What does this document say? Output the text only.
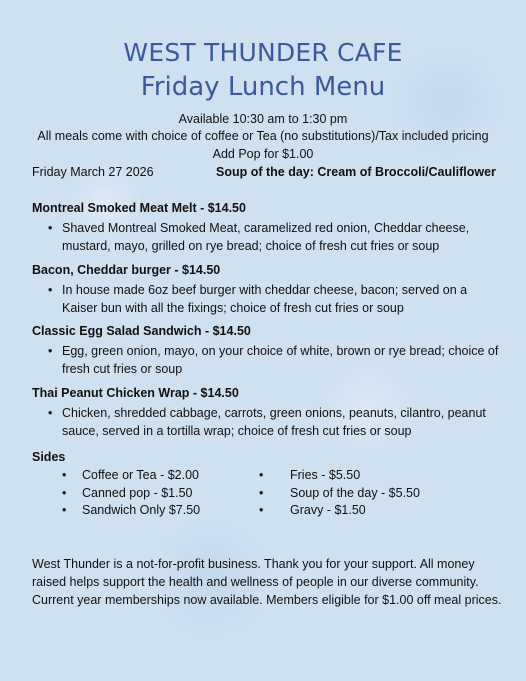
WEST THUNDER CAFE
Friday Lunch Menu
Available 10:30 am to 1:30 pm
All meals come with choice of coffee or Tea (no substitutions)/Tax included pricing
Add Pop for $1.00
Friday March 27 2026	Soup of the day: Cream of Broccoli/Cauliflower

Montreal Smoked Meat Melt - $14.50

• Shaved Montreal Smoked Meat, caramelized red onion, Cheddar cheese, mustard, mayo, grilled on rye bread; choice of fresh cut fries or soup

Bacon, Cheddar burger - $14.50

• In house made 6oz beef burger with cheddar cheese, bacon; served on a Kaiser bun with all the fixings; choice of fresh cut fries or soup

Classic Egg Salad Sandwich - $14.50

• Egg, green onion, mayo, on your choice of white, brown or rye bread; choice of fresh cut fries or soup

Thai Peanut Chicken Wrap - $14.50

• Chicken, shredded cabbage, carrots, green onions, peanuts, cilantro, peanut sauce, served in a tortilla wrap; choice of fresh cut fries or soup

Sides
• Coffee or Tea - $2.00
• Canned pop - $1.50
• Sandwich Only $7.50
• Fries - $5.50
• Soup of the day - $5.50
• Gravy - $1.50
West Thunder is a not-for-profit business. Thank you for your support. All money raised helps support the health and wellness of people in our diverse community. Current year memberships now available. Members eligible for $1.00 off meal prices.
